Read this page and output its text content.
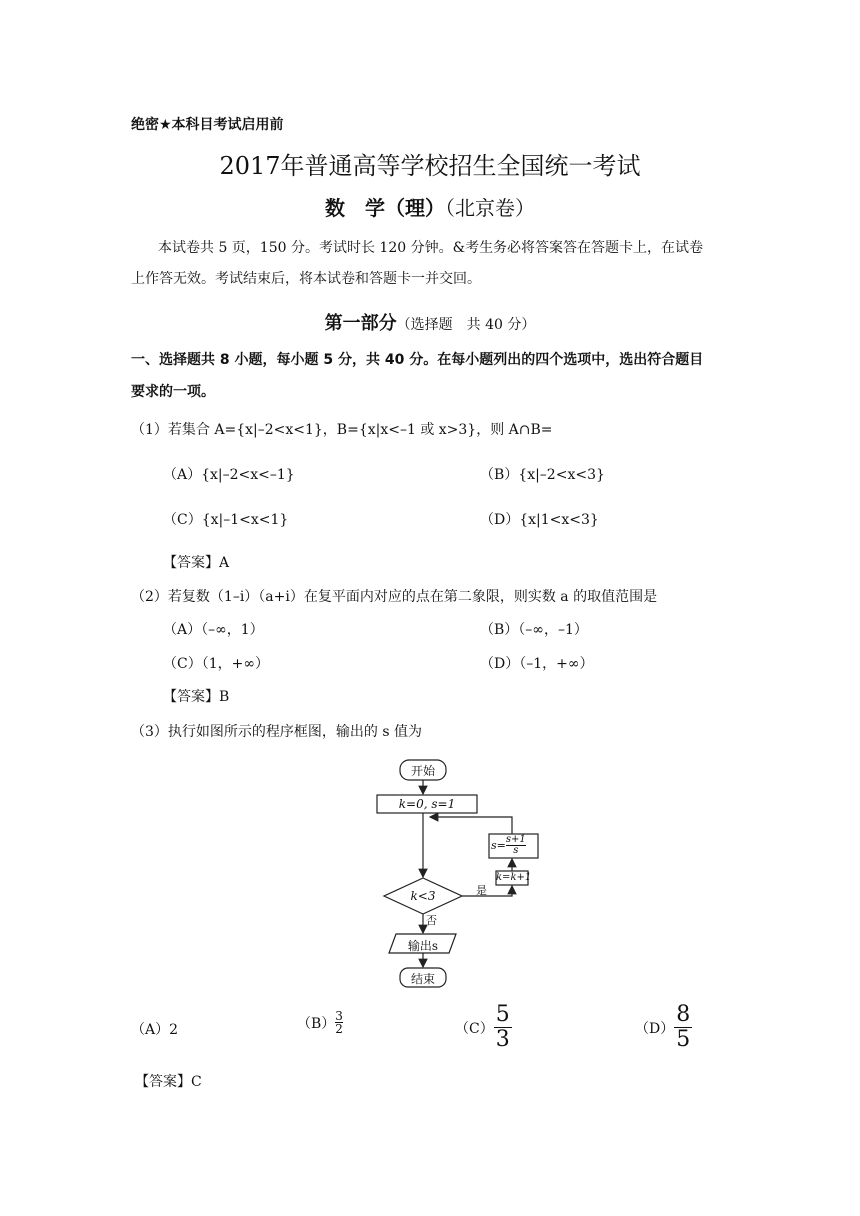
绝密★本科目考试启用前
2017年普通高等学校招生全国统一考试
数　学（理）（北京卷）
本试卷共 5 页，150 分。考试时长 120 分钟。&考生务必将答案答在答题卡上，在试卷
上作答无效。考试结束后，将本试卷和答题卡一并交回。
第一部分（选择题　共 40 分）
一、选择题共 8 小题，每小题 5 分，共 40 分。在每小题列出的四个选项中，选出符合题目
要求的一项。
（1）若集合 A={x|–2<x<1}，B={x|x<–1 或 x>3}，则 A∩B=
（A）{x|–2<x<–1}	（B）{x|–2<x<3}
（C）{x|–1<x<1}	（D）{x|1<x<3}
【答案】A
（2）若复数（1–i）（a+i）在复平面内对应的点在第二象限，则实数 a 的取值范围是
（A）（–∞，1）	（B）（–∞，–1）
（C）（1，+∞）	（D）（–1，+∞）
【答案】B
（3）执行如图所示的程序框图，输出的 s 值为
开始
k=0, s=1
$s= \frac{s+1}{s}$
k=k+1
k<3	是
否
输出s
结束
（A）2	$(B) \frac{3}{2}$	$(C) \frac{5}{3}$	$(D) \frac{8}{5}$
【答案】C
